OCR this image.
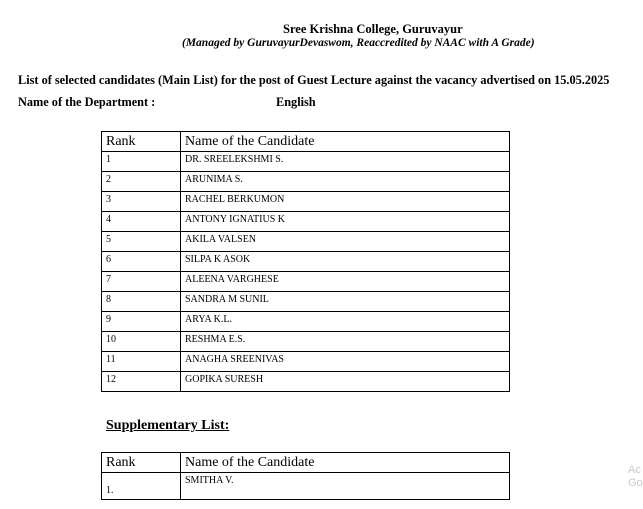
Sree Krishna College, Guruvayur
(Managed by GuruvayurDevaswom, Reaccredited by NAAC with A Grade)
List of selected candidates (Main List) for the post of Guest Lecture against the vacancy advertised on 15.05.2025
Name of the Department :	English
Rank	Name of the Candidate
1	DR. SREELEKSHMI S.
2	ARUNIMA S.
3	RACHEL BERKUMON
4	ANTONY IGNATIUS K
5	AKILA VALSEN
6	SILPA K ASOK
7	ALEENA VARGHESE
8	SANDRA M SUNIL
9	ARYA K.L.
10	RESHMA E.S.
11	ANAGHA SREENIVAS
12	GOPIKA SURESH
Supplementary List:
Rank	Name of the Candidate
1.	SMITHA V.
Ac
Go
